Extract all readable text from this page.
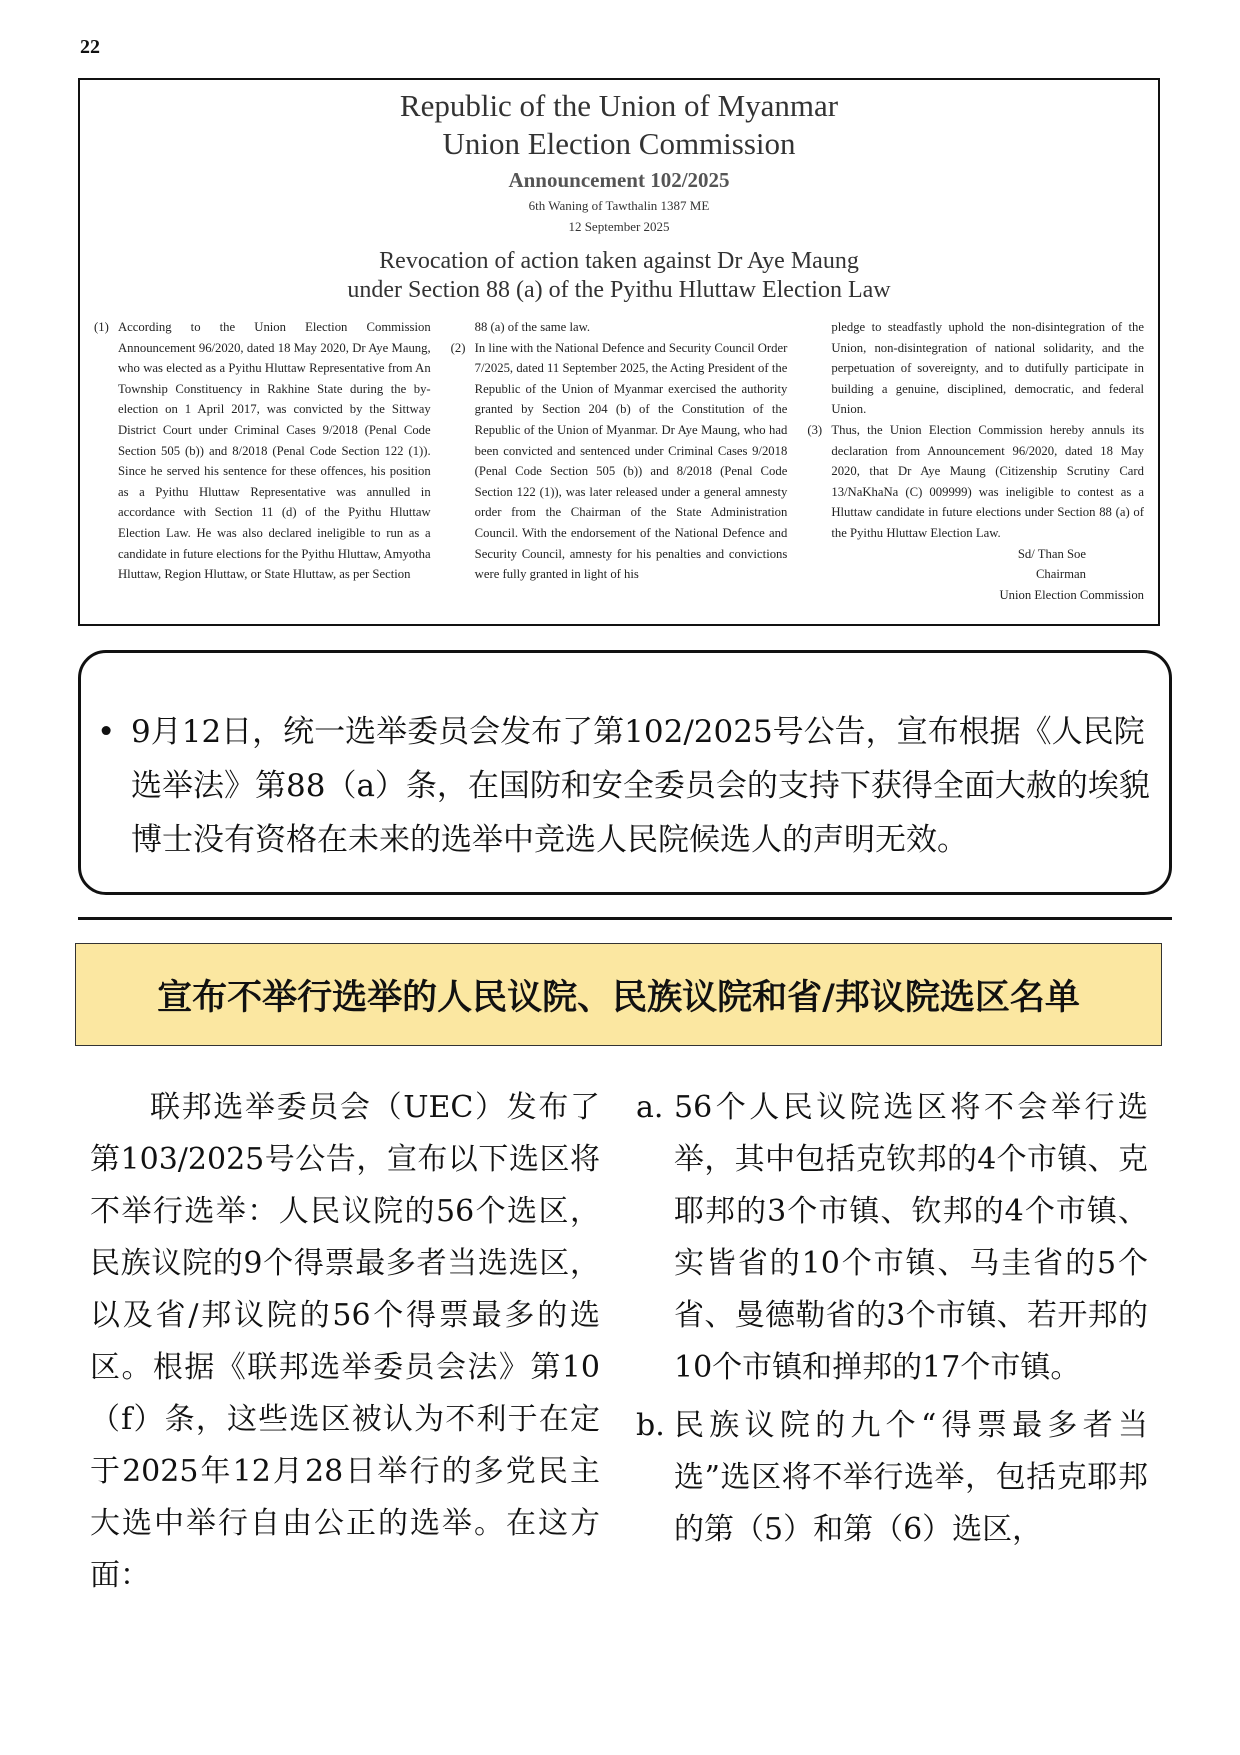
22
Republic of the Union of Myanmar
Union Election Commission
Announcement 102/2025
6th Waning of Tawthalin 1387 ME
12 September 2025
Revocation of action taken against Dr Aye Maung
under Section 88 (a) of the Pyithu Hluttaw Election Law
(1) According to the Union Election Commission Announcement 96/2020, dated 18 May 2020, Dr Aye Maung, who was elected as a Pyithu Hluttaw Representative from An Township Constituency in Rakhine State during the by-election on 1 April 2017, was convicted by the Sittway District Court under Criminal Cases 9/2018 (Penal Code Section 505 (b)) and 8/2018 (Penal Code Section 122 (1)). Since he served his sentence for these offences, his position as a Pyithu Hluttaw Representative was annulled in accordance with Section 11 (d) of the Pyithu Hluttaw Election Law. He was also declared ineligible to run as a candidate in future elections for the Pyithu Hluttaw, Amyotha Hluttaw, Region Hluttaw, or State Hluttaw, as per Section
88 (a) of the same law.
(2) In line with the National Defence and Security Council Order 7/2025, dated 11 September 2025, the Acting President of the Republic of the Union of Myanmar exercised the authority granted by Section 204 (b) of the Constitution of the Republic of the Union of Myanmar. Dr Aye Maung, who had been convicted and sentenced under Criminal Cases 9/2018 (Penal Code Section 505 (b)) and 8/2018 (Penal Code Section 122 (1)), was later released under a general amnesty order from the Chairman of the State Administration Council. With the endorsement of the National Defence and Security Council, amnesty for his penalties and convictions were fully granted in light of his
pledge to steadfastly uphold the non-disintegration of the Union, non-disintegration of national solidarity, and the perpetuation of sovereignty, and to dutifully participate in building a genuine, disciplined, democratic, and federal Union.
(3) Thus, the Union Election Commission hereby annuls its declaration from Announcement 96/2020, dated 18 May 2020, that Dr Aye Maung (Citizenship Scrutiny Card 13/NaKhaNa (C) 009999) was ineligible to contest as a Hluttaw candidate in future elections under Section 88 (a) of the Pyithu Hluttaw Election Law.
Sd/ Than Soe
Chairman
Union Election Commission
• 9月12日，统一选举委员会发布了第102/2025号公告，宣布根据《人民院选举法》第88（a）条，在国防和安全委员会的支持下获得全面大赦的埃貌博士没有资格在未来的选举中竞选人民院候选人的声明无效。
宣布不举行选举的人民议院、民族议院和省/邦议院选区名单

联邦选举委员会（UEC）发布了第103/2025号公告，宣布以下选区将不举行选举：人民议院的56个选区，民族议院的9个得票最多者当选选区，以及省/邦议院的56个得票最多的选区。根据《联邦选举委员会法》第10（f）条，这些选区被认为不利于在定于2025年12月28日举行的多党民主大选中举行自由公正的选举。在这方面：

a. 56个人民议院选区将不会举行选举，其中包括克钦邦的4个市镇、克耶邦的3个市镇、钦邦的4个市镇、实皆省的10个市镇、马圭省的5个省、曼德勒省的3个市镇、若开邦的10个市镇和掸邦的17个市镇。
b. 民族议院的九个“得票最多者当选”选区将不举行选举，包括克耶邦的第（5）和第（6）选区，
